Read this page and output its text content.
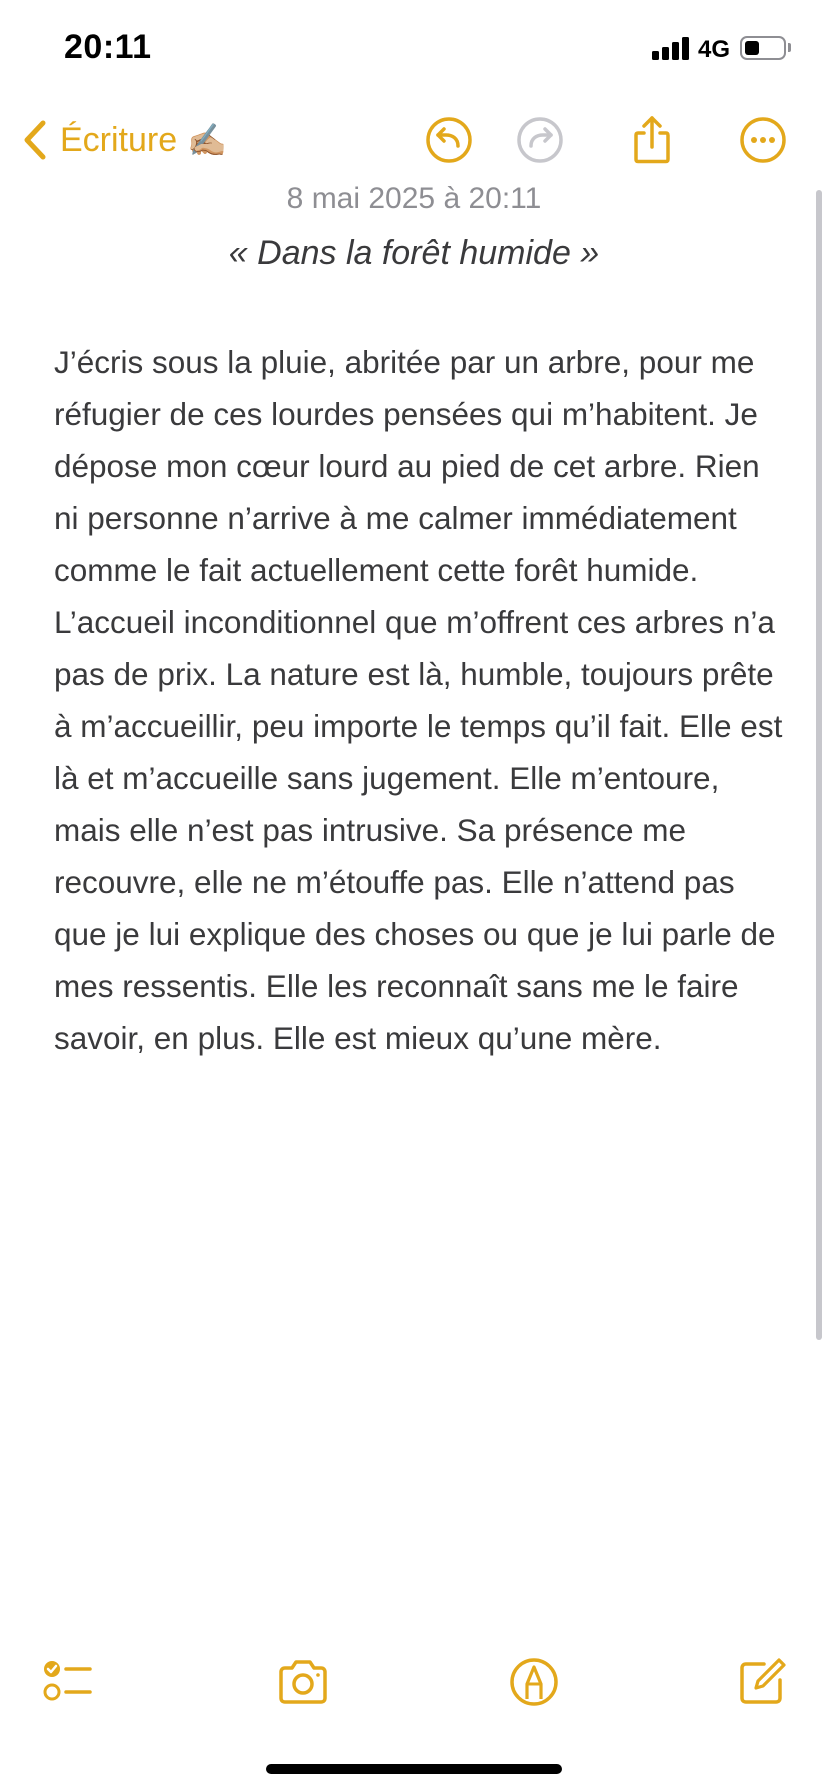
20:11	4G
Écriture ✍🏼
8 mai 2025 à 20:11
« Dans la forêt humide »

J’écris sous la pluie, abritée par un arbre, pour me réfugier de ces lourdes pensées qui m’habitent. Je dépose mon cœur lourd au pied de cet arbre. Rien ni personne n’arrive à me calmer immédiatement comme le fait actuellement cette forêt humide. L’accueil inconditionnel que m’offrent ces arbres n’a pas de prix. La nature est là, humble, toujours prête à m’accueillir, peu importe le temps qu’il fait. Elle est là et m’accueille sans jugement. Elle m’entoure, mais elle n’est pas intrusive. Sa présence me recouvre, elle ne m’étouffe pas. Elle n’attend pas que je lui explique des choses ou que je lui parle de mes ressentis. Elle les reconnaît sans me le faire savoir, en plus. Elle est mieux qu’une mère.
